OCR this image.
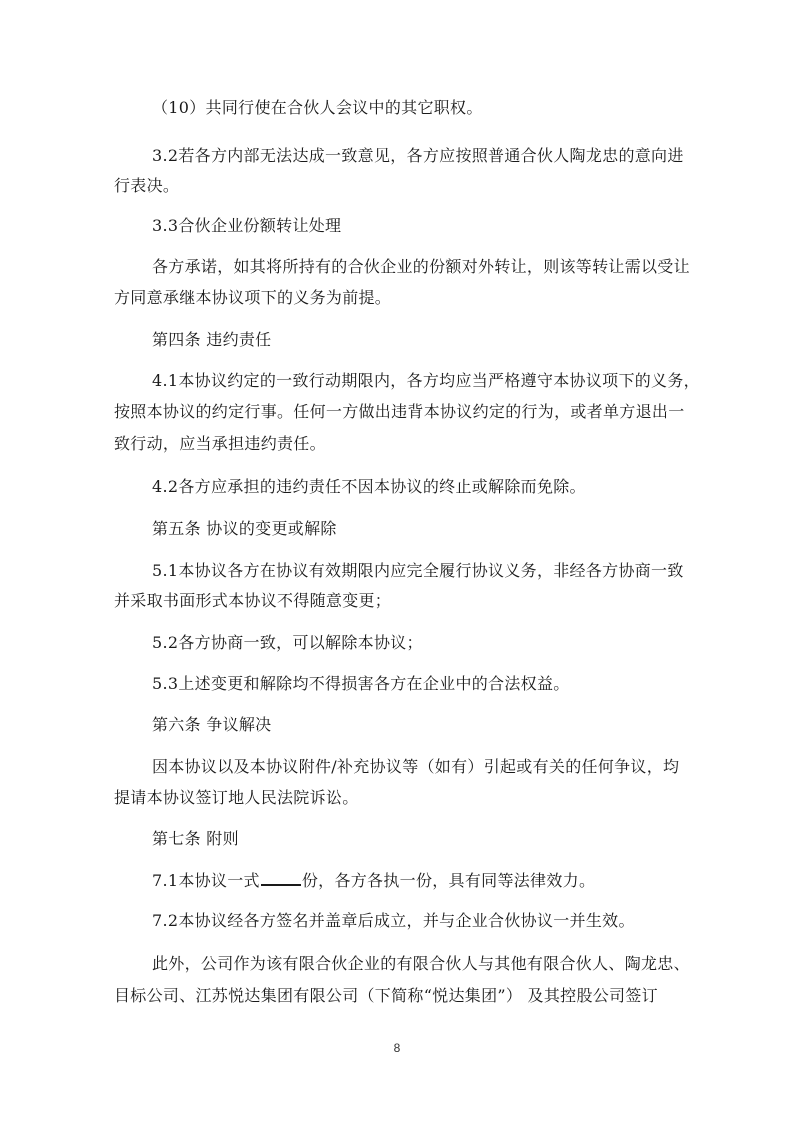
（10）共同行使在合伙人会议中的其它职权。
3.2若各方内部无法达成一致意见，各方应按照普通合伙人陶龙忠的意向进
行表决。
3.3合伙企业份额转让处理
各方承诺，如其将所持有的合伙企业的份额对外转让，则该等转让需以受让
方同意承继本协议项下的义务为前提。
第四条 违约责任
4.1本协议约定的一致行动期限内，各方均应当严格遵守本协议项下的义务，
按照本协议的约定行事。任何一方做出违背本协议约定的行为，或者单方退出一
致行动，应当承担违约责任。
4.2各方应承担的违约责任不因本协议的终止或解除而免除。
第五条 协议的变更或解除
5.1本协议各方在协议有效期限内应完全履行协议义务，非经各方协商一致
并采取书面形式本协议不得随意变更；
5.2各方协商一致，可以解除本协议；
5.3上述变更和解除均不得损害各方在企业中的合法权益。
第六条 争议解决
因本协议以及本协议附件/补充协议等（如有）引起或有关的任何争议，均
提请本协议签订地人民法院诉讼。
第七条 附则
7.1本协议一式	份，各方各执一份，具有同等法律效力。
7.2本协议经各方签名并盖章后成立，并与企业合伙协议一并生效。
此外，公司作为该有限合伙企业的有限合伙人与其他有限合伙人、陶龙忠、
目标公司、江苏悦达集团有限公司（下简称“悦达集团”） 及其控股公司签订
8
